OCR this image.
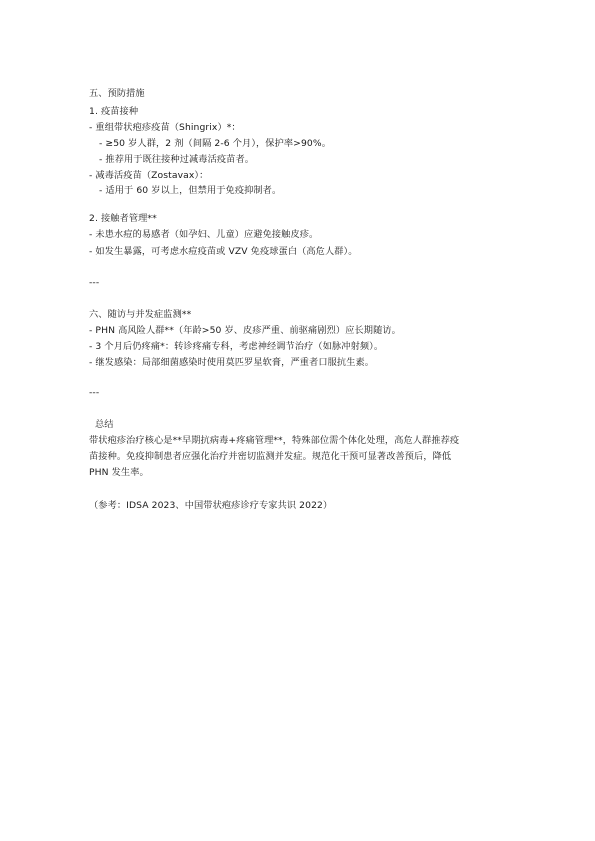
五、预防措施
1. 疫苗接种
- 重组带状疱疹疫苗（Shingrix）*：
- ≥50 岁人群，2 剂（间隔 2-6 个月），保护率>90%。
- 推荐用于既往接种过减毒活疫苗者。
- 减毒活疫苗（Zostavax）：
- 适用于 60 岁以上，但禁用于免疫抑制者。
2. 接触者管理**
- 未患水痘的易感者（如孕妇、儿童）应避免接触皮疹。
- 如发生暴露，可考虑水痘疫苗或 VZV 免疫球蛋白（高危人群）。
---
六、随访与并发症监测**
- PHN 高风险人群**（年龄>50 岁、皮疹严重、前驱痛剧烈）应长期随访。
- 3 个月后仍疼痛*：转诊疼痛专科，考虑神经调节治疗（如脉冲射频）。
- 继发感染：局部细菌感染时使用莫匹罗星软膏，严重者口服抗生素。
---
总结
带状疱疹治疗核心是**早期抗病毒+疼痛管理**，特殊部位需个体化处理，高危人群推荐疫
苗接种。免疫抑制患者应强化治疗并密切监测并发症。规范化干预可显著改善预后，降低
PHN 发生率。
（参考：IDSA 2023、中国带状疱疹诊疗专家共识 2022）
